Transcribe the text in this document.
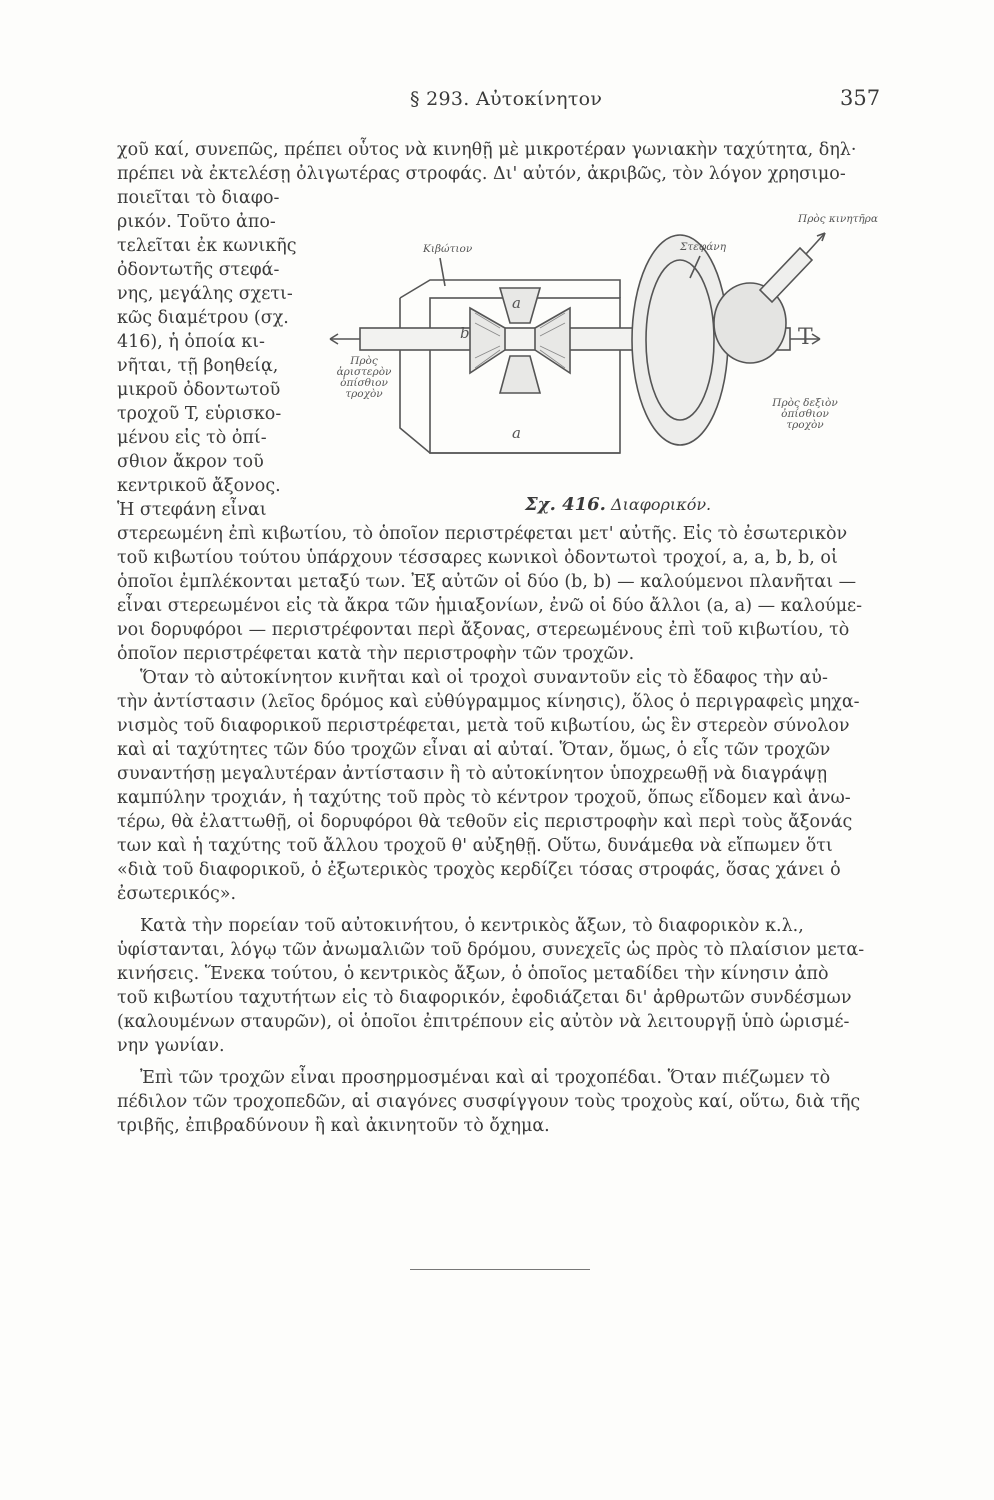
§ 293. Αὐτοκίνητον	357
χοῦ καί, συνεπῶς, πρέπει οὗτος νὰ κινηθῇ μὲ μικροτέραν γωνιακὴν ταχύτητα, δηλ·
πρέπει νὰ ἐκτελέσῃ ὀλιγωτέρας στροφάς. Δι' αὐτόν, ἀκριβῶς, τὸν λόγον χρησιμο-
ποιεῖται τὸ διαφο-
ρικόν. Τοῦτο ἀπο-
τελεῖται ἐκ κωνικῆς
ὀδοντωτῆς στεφά-
νης, μεγάλης σχετι-
κῶς διαμέτρου (σχ.
416), ἡ ὁποία κι-
νῆται, τῇ βοηθείᾳ,
μικροῦ ὀδοντωτοῦ
τροχοῦ T, εὑρισκο-
μένου εἰς τὸ ὀπί-
σθιον ἄκρον τοῦ
κεντρικοῦ ἄξονος.
Ἡ στεφάνη εἶναι
Κιβώτιον	Στεφάνη
Πρὸς κινητῆρα
Πρὸς ἀριστερὸν ὀπίσθιον τροχὸν
Πρὸς δεξιὸν ὀπίσθιον τροχὸν
a
a
b	T
Σχ. 416. Διαφορικόν.
στερεωμένη ἐπὶ κιβωτίου, τὸ ὁποῖον περιστρέφεται μετ' αὐτῆς. Εἰς τὸ ἐσωτερικὸν
τοῦ κιβωτίου τούτου ὑπάρχουν τέσσαρες κωνικοὶ ὀδοντωτοὶ τροχοί, a, a, b, b, οἱ
ὁποῖοι ἐμπλέκονται μεταξύ των. Ἐξ αὐτῶν οἱ δύο (b, b) — καλούμενοι πλανῆται —
εἶναι στερεωμένοι εἰς τὰ ἄκρα τῶν ἡμιαξονίων, ἐνῶ οἱ δύο ἄλλοι (a, a) — καλούμε-
νοι δορυφόροι — περιστρέφονται περὶ ἄξονας, στερεωμένους ἐπὶ τοῦ κιβωτίου, τὸ
ὁποῖον περιστρέφεται κατὰ τὴν περιστροφὴν τῶν τροχῶν.
Ὅταν τὸ αὐτοκίνητον κινῆται καὶ οἱ τροχοὶ συναντοῦν εἰς τὸ ἔδαφος τὴν αὐ-
τὴν ἀντίστασιν (λεῖος δρόμος καὶ εὐθύγραμμος κίνησις), ὅλος ὁ περιγραφεὶς μηχα-
νισμὸς τοῦ διαφορικοῦ περιστρέφεται, μετὰ τοῦ κιβωτίου, ὡς ἓν στερεὸν σύνολον
καὶ αἱ ταχύτητες τῶν δύο τροχῶν εἶναι αἱ αὐταί. Ὅταν, ὅμως, ὁ εἷς τῶν τροχῶν
συναντήσῃ μεγαλυτέραν ἀντίστασιν ἢ τὸ αὐτοκίνητον ὑποχρεωθῇ νὰ διαγράψῃ
καμπύλην τροχιάν, ἡ ταχύτης τοῦ πρὸς τὸ κέντρον τροχοῦ, ὅπως εἴδομεν καὶ ἀνω-
τέρω, θὰ ἐλαττωθῇ, οἱ δορυφόροι θὰ τεθοῦν εἰς περιστροφὴν καὶ περὶ τοὺς ἄξονάς
των καὶ ἡ ταχύτης τοῦ ἄλλου τροχοῦ θ' αὐξηθῇ. Οὕτω, δυνάμεθα νὰ εἴπωμεν ὅτι
«διὰ τοῦ διαφορικοῦ, ὁ ἐξωτερικὸς τροχὸς κερδίζει τόσας στροφάς, ὅσας χάνει ὁ
ἐσωτερικός».
Κατὰ τὴν πορείαν τοῦ αὐτοκινήτου, ὁ κεντρικὸς ἄξων, τὸ διαφορικὸν κ.λ.,
ὑφίστανται, λόγῳ τῶν ἀνωμαλιῶν τοῦ δρόμου, συνεχεῖς ὡς πρὸς τὸ πλαίσιον μετα-
κινήσεις. Ἕνεκα τούτου, ὁ κεντρικὸς ἄξων, ὁ ὁποῖος μεταδίδει τὴν κίνησιν ἀπὸ
τοῦ κιβωτίου ταχυτήτων εἰς τὸ διαφορικόν, ἐφοδιάζεται δι' ἀρθρωτῶν συνδέσμων
(καλουμένων σταυρῶν), οἱ ὁποῖοι ἐπιτρέπουν εἰς αὐτὸν νὰ λειτουργῇ ὑπὸ ὡρισμέ-
νην γωνίαν.
Ἐπὶ τῶν τροχῶν εἶναι προσηρμοσμέναι καὶ αἱ τροχοπέδαι. Ὅταν πιέζωμεν τὸ
πέδιλον τῶν τροχοπεδῶν, αἱ σιαγόνες συσφίγγουν τοὺς τροχοὺς καί, οὕτω, διὰ τῆς
τριβῆς, ἐπιβραδύνουν ἢ καὶ ἀκινητοῦν τὸ ὄχημα.
